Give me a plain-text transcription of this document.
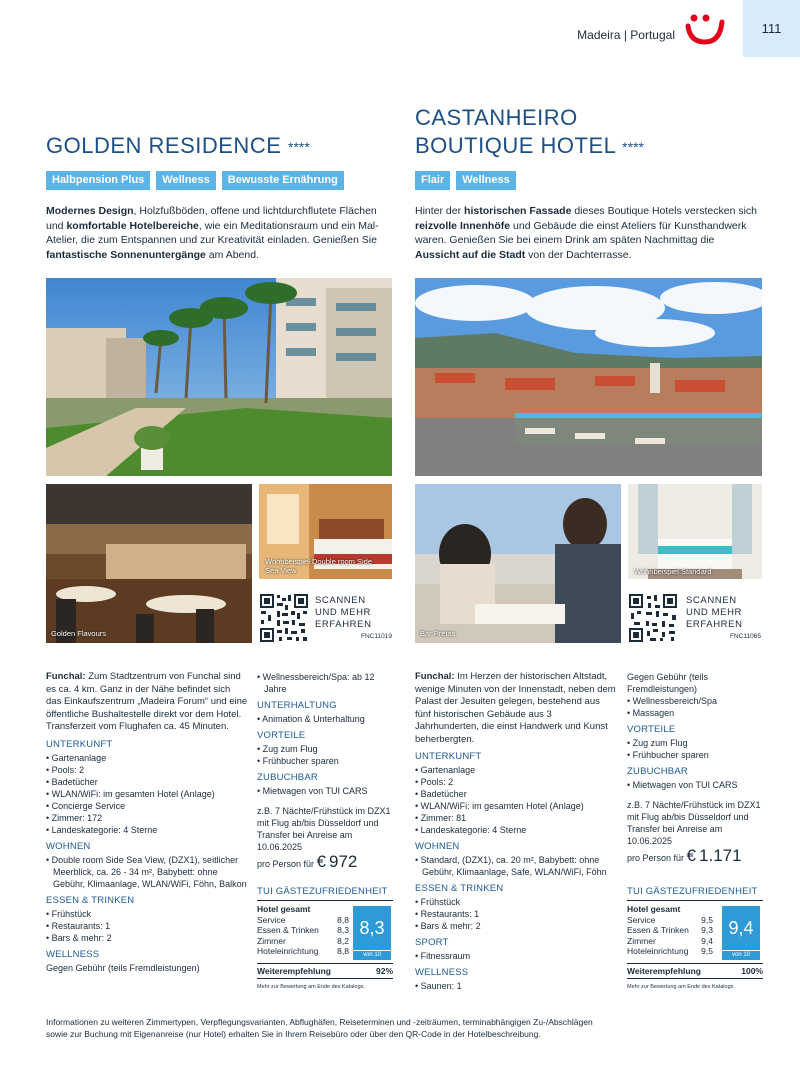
Madeira | Portugal	111
GOLDEN RESIDENCE ****
Halbpension Plus	Wellness	Bewusste Ernährung
Modernes Design, Holzfußböden, offene und lichtdurchflutete Flächen und komfortable Hotelbereiche, wie ein Meditationsraum und ein Mal-Atelier, die zum Entspannen und zur Kreativität einladen. Genießen Sie fantastische Sonnenuntergänge am Abend.
Golden Flavours
Wohnbeispiel Double room Side Sea View
SCANNEN
UND MEHR
ERFAHREN
FNC11019
Funchal: Zum Stadtzentrum von Funchal sind es ca. 4 km. Ganz in der Nähe befindet sich das Einkaufszentrum „Madeira Forum“ und eine öffentliche Bushaltestelle direkt vor dem Hotel. Transferzeit vom Flughafen ca. 45 Minuten.
UNTERKUNFT
• Gartenanlage
• Pools: 2
• Badetücher
• WLAN/WiFi: im gesamten Hotel (Anlage)
• Concierge Service
• Zimmer: 172
• Landeskategorie: 4 Sterne
WOHNEN
• Double room Side Sea View, (DZX1), seitlicher Meerblick, ca. 26 - 34 m², Babybett: ohne Gebühr, Klimaanlage, WLAN/WiFi, Föhn, Balkon
ESSEN & TRINKEN
• Frühstück
• Restaurants: 1
• Bars & mehr: 2
WELLNESS
Gegen Gebühr (teils Fremdleistungen)
• Wellnessbereich/Spa: ab 12 Jahre
UNTERHALTUNG
• Animation & Unterhaltung
VORTEILE
• Zug zum Flug
• Frühbucher sparen
ZUBUCHBAR
• Mietwagen von TUI CARS
z.B. 7 Nächte/Frühstück im DZX1 mit Flug ab/bis Düsseldorf und Transfer bei Anreise am 10.06.2025
pro Person für € 972
TUI GÄSTEZUFRIEDENHEIT
Hotel gesamt	
Service	8,8
Essen & Trinken	8,3
Zimmer	8,2
Hoteleinrichtung	8,8
8,3
von 10
Weiterempfehlung	92%
Mehr zur Bewertung am Ende des Katalogs.
CASTANHEIRO
BOUTIQUE HOTEL ****
Flair	Wellness
Hinter der historischen Fassade dieses Boutique Hotels verstecken sich reizvolle Innenhöfe und Gebäude die einst Ateliers für Kunsthandwerk waren. Genießen Sie bei einem Drink am späten Nachmittag die Aussicht auf die Stadt von der Dachterrasse.
Bar Pretas
Wohnbeispiel Standard
SCANNEN
UND MEHR
ERFAHREN
FNC11065
Funchal: Im Herzen der historischen Altstadt, wenige Minuten von der Innenstadt, neben dem Palast der Jesuiten gelegen, bestehend aus fünf historischen Gebäude aus 3 Jahrhunderten, die einst Handwerk und Kunst beherbergten.
UNTERKUNFT
• Gartenanlage
• Pools: 2
• Badetücher
• WLAN/WiFi: im gesamten Hotel (Anlage)
• Zimmer: 81
• Landeskategorie: 4 Sterne
WOHNEN
• Standard, (DZX1), ca. 20 m², Babybett: ohne Gebühr, Klimaanlage, Safe, WLAN/WiFi, Föhn
ESSEN & TRINKEN
• Frühstück
• Restaurants: 1
• Bars & mehr: 2
SPORT
• Fitnessraum
WELLNESS
• Saunen: 1
Gegen Gebühr (teils Fremdleistungen)
• Wellnessbereich/Spa
• Massagen
VORTEILE
• Zug zum Flug
• Frühbucher sparen
ZUBUCHBAR
• Mietwagen von TUI CARS
z.B. 7 Nächte/Frühstück im DZX1 mit Flug ab/bis Düsseldorf und Transfer bei Anreise am 10.06.2025
pro Person für € 1.171
TUI GÄSTEZUFRIEDENHEIT
Hotel gesamt	
Service	9,5
Essen & Trinken	9,3
Zimmer	9,4
Hoteleinrichtung	9,5
9,4
von 10
Weiterempfehlung	100%
Mehr zur Bewertung am Ende des Katalogs.
Informationen zu weiteren Zimmertypen, Verpflegungsvarianten, Abflughäfen, Reiseterminen und -zeiträumen, terminabhängigen Zu-/Abschlägen
sowie zur Buchung mit Eigenanreise (nur Hotel) erhalten Sie in Ihrem Reisebüro oder über den QR-Code in der Hotelbeschreibung.
